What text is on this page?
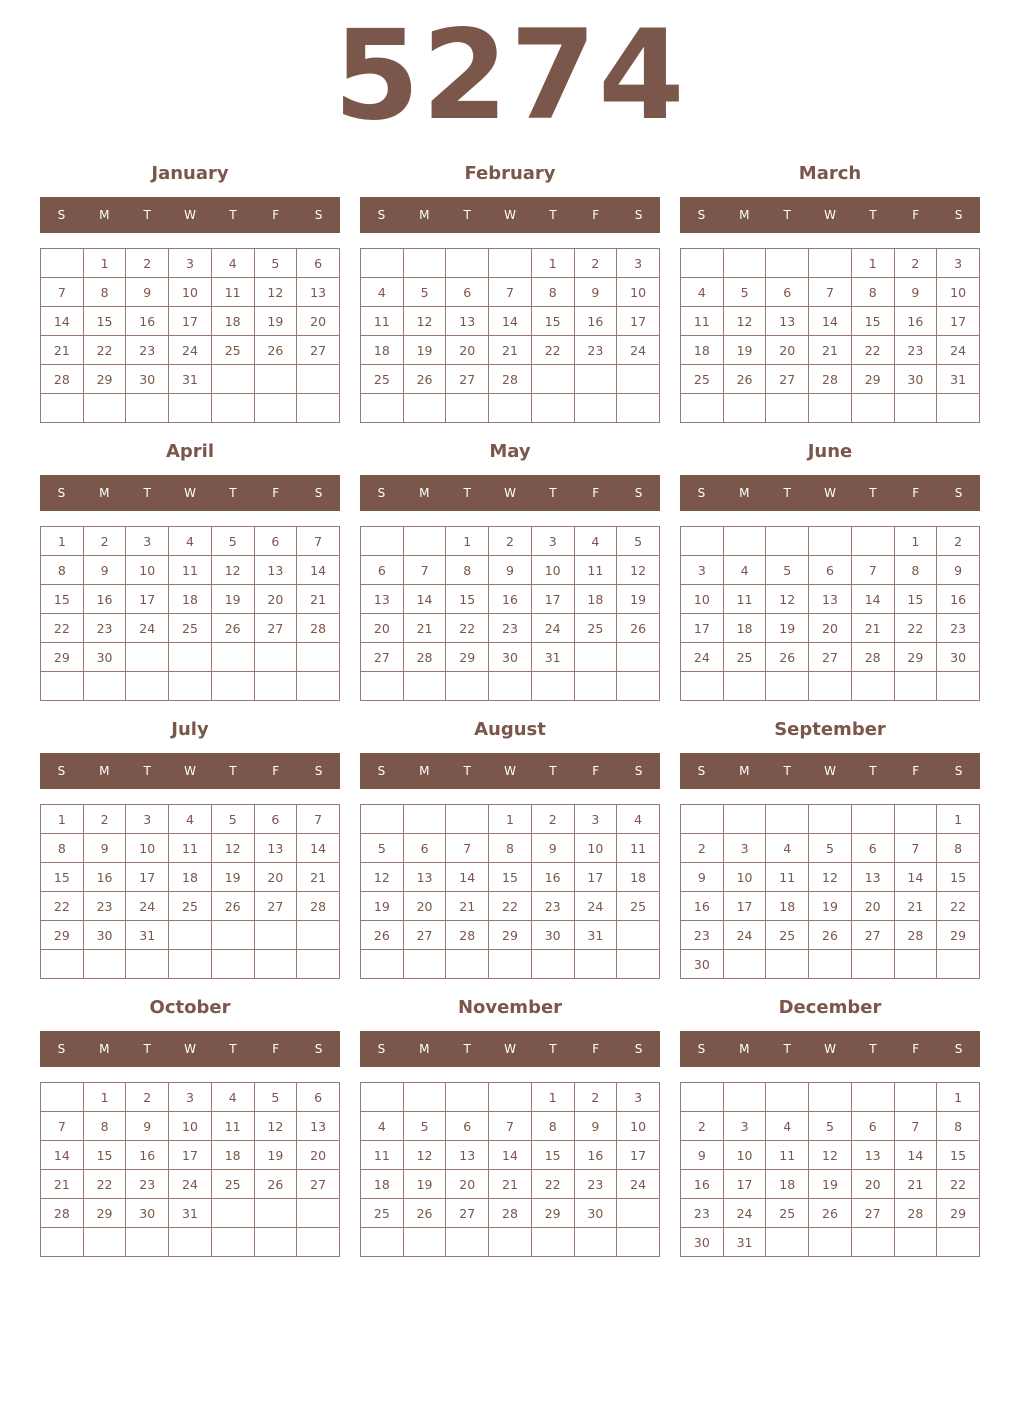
5274
January
S	M	T	W	T	F	S
	1	2	3	4	5	6
7	8	9	10	11	12	13
14	15	16	17	18	19	20
21	22	23	24	25	26	27
28	29	30	31			

February
S	M	T	W	T	F	S
				1	2	3
4	5	6	7	8	9	10
11	12	13	14	15	16	17
18	19	20	21	22	23	24
25	26	27	28			

March
S	M	T	W	T	F	S
				1	2	3
4	5	6	7	8	9	10
11	12	13	14	15	16	17
18	19	20	21	22	23	24
25	26	27	28	29	30	31

April
S	M	T	W	T	F	S
1	2	3	4	5	6	7
8	9	10	11	12	13	14
15	16	17	18	19	20	21
22	23	24	25	26	27	28
29	30					

May
S	M	T	W	T	F	S
		1	2	3	4	5
6	7	8	9	10	11	12
13	14	15	16	17	18	19
20	21	22	23	24	25	26
27	28	29	30	31		

June
S	M	T	W	T	F	S
					1	2
3	4	5	6	7	8	9
10	11	12	13	14	15	16
17	18	19	20	21	22	23
24	25	26	27	28	29	30

July
S	M	T	W	T	F	S
1	2	3	4	5	6	7
8	9	10	11	12	13	14
15	16	17	18	19	20	21
22	23	24	25	26	27	28
29	30	31				

August
S	M	T	W	T	F	S
			1	2	3	4
5	6	7	8	9	10	11
12	13	14	15	16	17	18
19	20	21	22	23	24	25
26	27	28	29	30	31	

September
S	M	T	W	T	F	S
						1
2	3	4	5	6	7	8
9	10	11	12	13	14	15
16	17	18	19	20	21	22
23	24	25	26	27	28	29
30						
October
S	M	T	W	T	F	S
	1	2	3	4	5	6
7	8	9	10	11	12	13
14	15	16	17	18	19	20
21	22	23	24	25	26	27
28	29	30	31			

November
S	M	T	W	T	F	S
				1	2	3
4	5	6	7	8	9	10
11	12	13	14	15	16	17
18	19	20	21	22	23	24
25	26	27	28	29	30	

December
S	M	T	W	T	F	S
						1
2	3	4	5	6	7	8
9	10	11	12	13	14	15
16	17	18	19	20	21	22
23	24	25	26	27	28	29
30	31					
